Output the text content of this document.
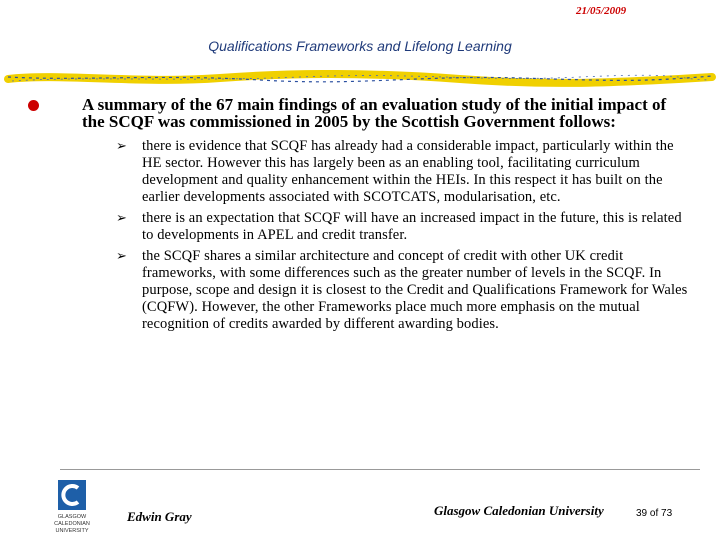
21/05/2009
Qualifications Frameworks and Lifelong Learning

A summary of the 67 main findings of an evaluation study of the initial impact of the SCQF was commissioned in 2005 by the Scottish Government follows:

➢ there is evidence that SCQF has already had a considerable impact, particularly within the HE sector. However this has largely been as an enabling tool, facilitating curriculum development and quality enhancement within the HEIs. In this respect it has built on the earlier developments associated with SCOTCATS, modularisation, etc.

➢ there is an expectation that SCQF will have an increased impact in the future, this is related to developments in APEL and credit transfer.

➢ the SCQF shares a similar architecture and concept of credit with other UK credit frameworks, with some differences such as the greater number of levels in the SCQF. In purpose, scope and design it is closest to the Credit and Qualifications Framework for Wales (CQFW). However, the other Frameworks place much more emphasis on the mutual recognition of credits awarded by different awarding bodies.

GLASGOW
CALEDONIAN
UNIVERSITY
Edwin Gray	Glasgow Caledonian University	39 of 73
